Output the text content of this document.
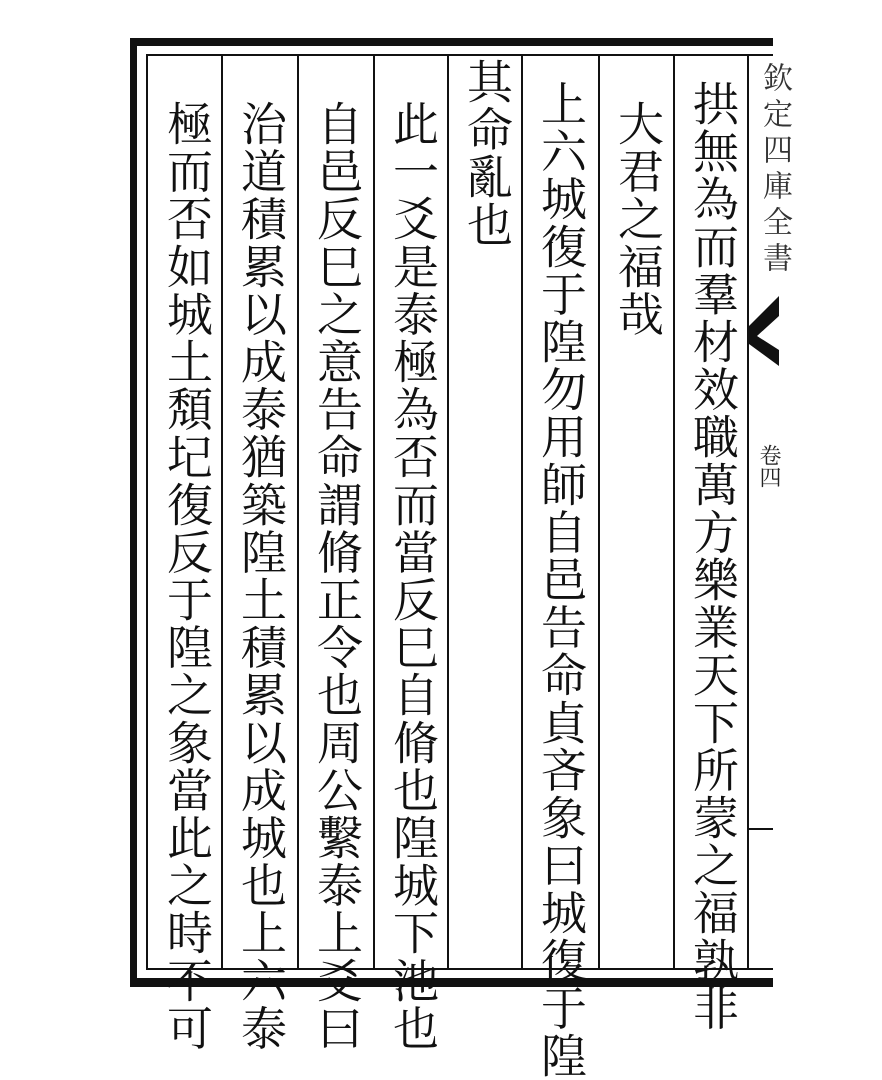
欽定四庫全書
卷四
拱無為而羣材效職萬方樂業天下所蒙之福孰非
大君之福哉
上六城復于隍勿用師自邑告命貞吝象曰城復于隍
其命亂也
此一爻是泰極為否而當反巳自脩也隍城下池也
自邑反巳之意告命謂脩正令也周公繫泰上爻曰
治道積累以成泰猶築隍土積累以成城也上六泰
極而否如城土頽圮復反于隍之象當此之時不可
